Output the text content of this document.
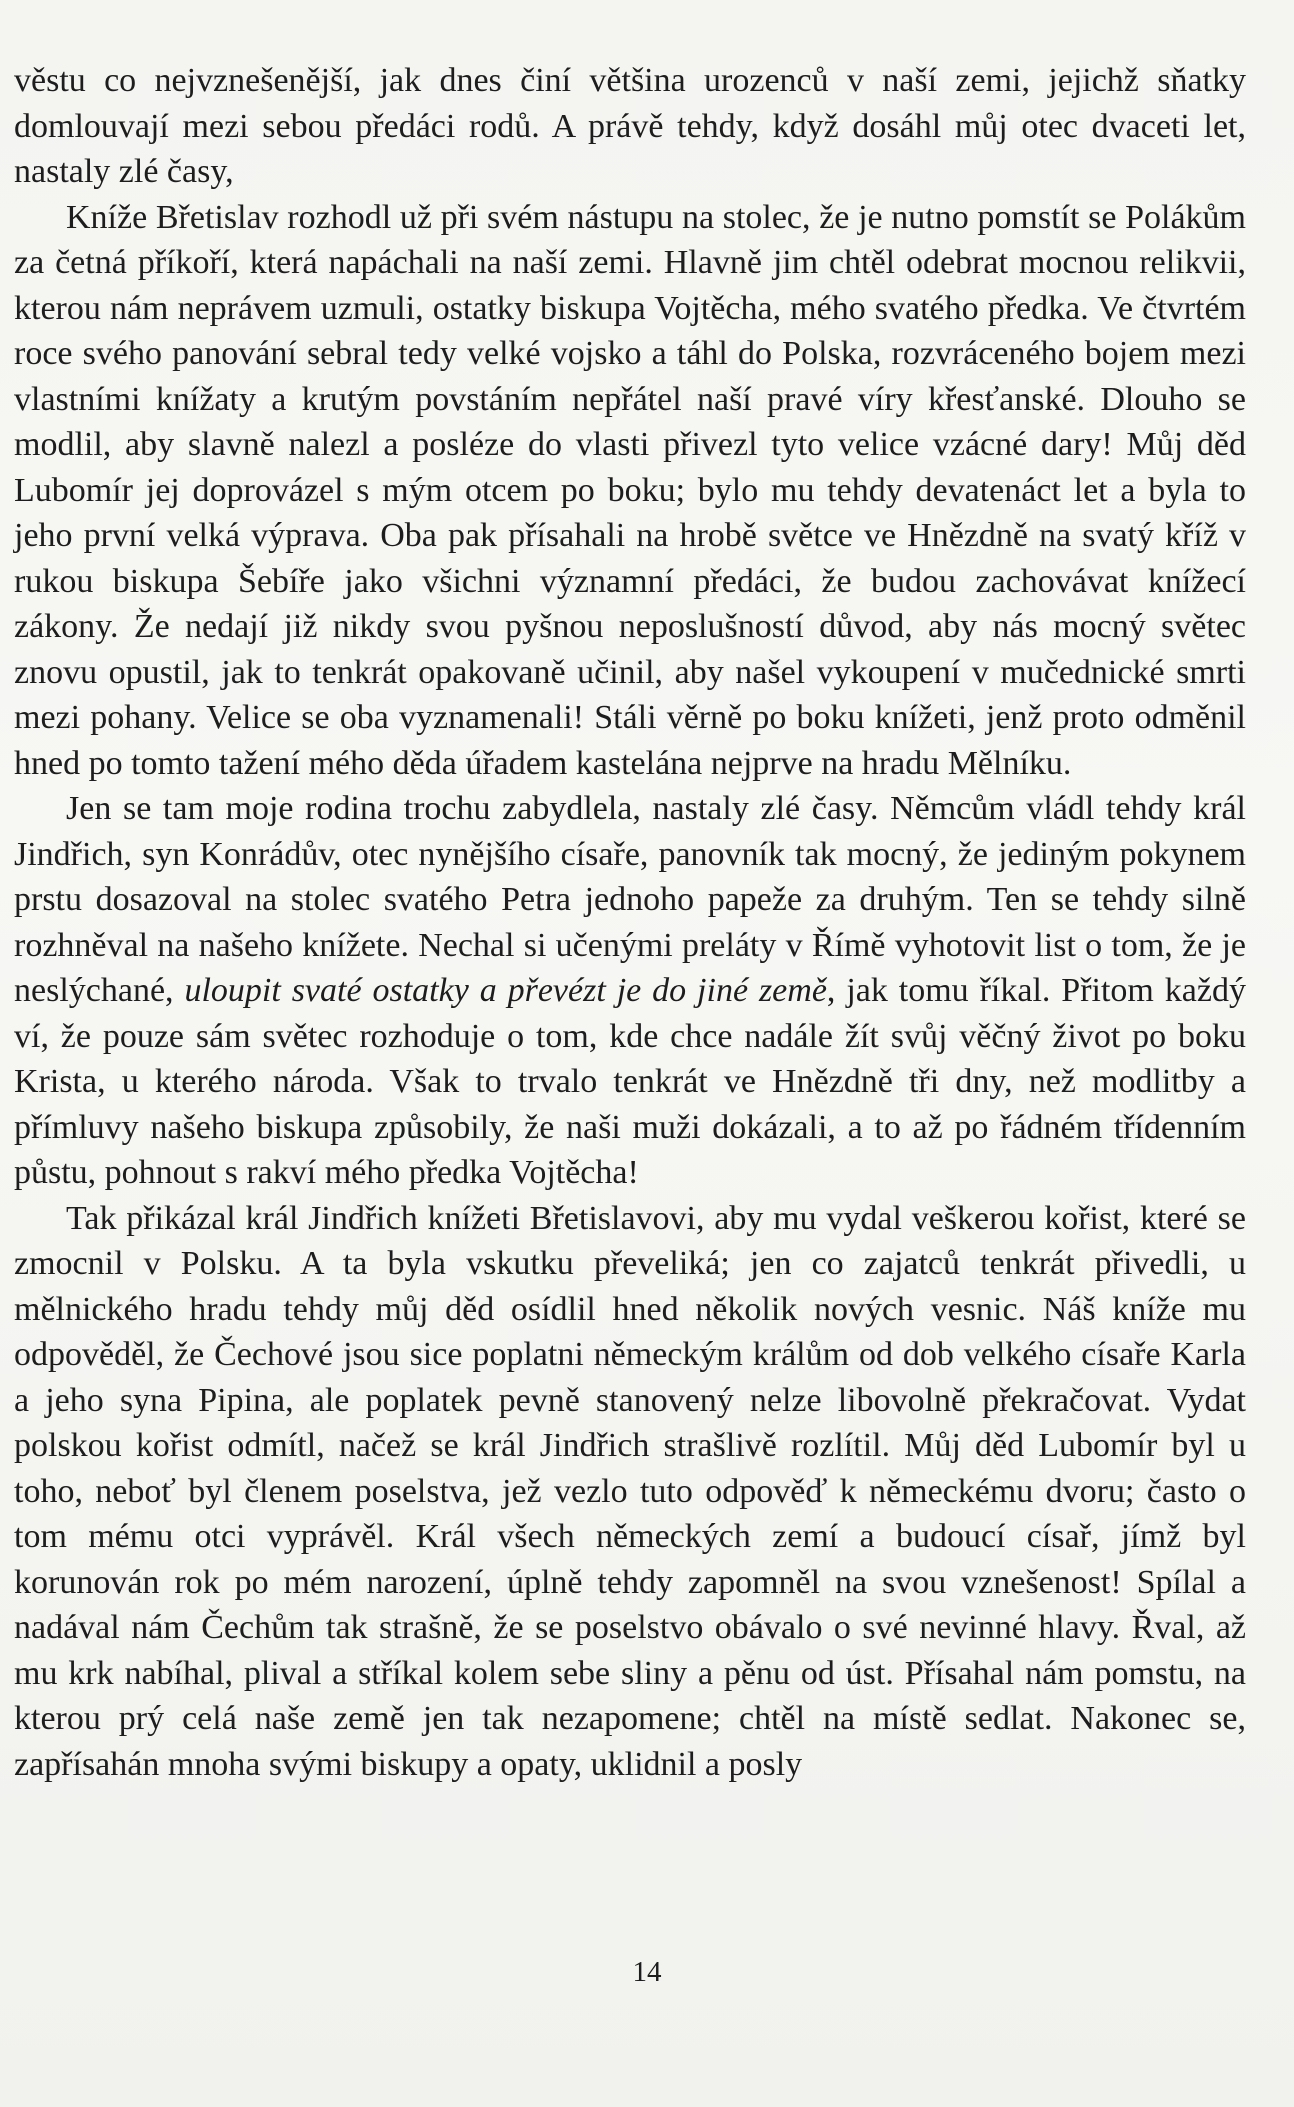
věstu co nejvznešenější, jak dnes činí většina urozenců v naší zemi, jejichž sňatky domlouvají mezi sebou předáci rodů. A právě tehdy, když dosáhl můj otec dvaceti let, nastaly zlé časy,

Kníže Břetislav rozhodl už při svém nástupu na stolec, že je nutno pomstít se Polákům za četná příkoří, která napáchali na naší zemi. Hlavně jim chtěl odebrat mocnou relikvii, kterou nám neprávem uzmuli, ostatky biskupa Vojtěcha, mého svatého předka. Ve čtvrtém roce svého panování sebral tedy velké vojsko a táhl do Polska, rozvráceného bojem mezi vlastními knížaty a krutým povstáním nepřátel naší pravé víry křesťanské. Dlouho se modlil, aby slavně nalezl a posléze do vlasti přivezl tyto velice vzácné dary! Můj děd Lubomír jej doprovázel s mým otcem po boku; bylo mu tehdy devatenáct let a byla to jeho první velká výprava. Oba pak přísahali na hrobě světce ve Hnězdně na svatý kříž v rukou biskupa Šebíře jako všichni významní předáci, že budou zachovávat knížecí zákony. Že nedají již nikdy svou pyšnou neposlušností důvod, aby nás mocný světec znovu opustil, jak to tenkrát opakovaně učinil, aby našel vykoupení v mučednické smrti mezi pohany. Velice se oba vyznamenali! Stáli věrně po boku knížeti, jenž proto odměnil hned po tomto tažení mého děda úřadem kastelána nejprve na hradu Mělníku.

Jen se tam moje rodina trochu zabydlela, nastaly zlé časy. Němcům vládl tehdy král Jindřich, syn Konrádův, otec nynějšího císaře, panovník tak mocný, že jediným pokynem prstu dosazoval na stolec svatého Petra jednoho papeže za druhým. Ten se tehdy silně rozhněval na našeho knížete. Nechal si učenými preláty v Římě vyhotovit list o tom, že je neslýchané, uloupit svaté ostatky a převézt je do jiné země, jak tomu říkal. Přitom každý ví, že pouze sám světec rozhoduje o tom, kde chce nadále žít svůj věčný život po boku Krista, u kterého národa. Však to trvalo tenkrát ve Hnězdně tři dny, než modlitby a přímluvy našeho biskupa způsobily, že naši muži dokázali, a to až po řádném třídenním půstu, pohnout s rakví mého předka Vojtěcha!

Tak přikázal král Jindřich knížeti Břetislavovi, aby mu vydal veškerou kořist, které se zmocnil v Polsku. A ta byla vskutku převeliká; jen co zajatců tenkrát přivedli, u mělnického hradu tehdy můj děd osídlil hned několik nových vesnic. Náš kníže mu odpověděl, že Čechové jsou sice poplatni německým králům od dob velkého císaře Karla a jeho syna Pipina, ale poplatek pevně stanovený nelze libovolně překračovat. Vydat polskou kořist odmítl, načež se král Jindřich strašlivě rozlítil. Můj děd Lubomír byl u toho, neboť byl členem poselstva, jež vezlo tuto odpověď k německému dvoru; často o tom mému otci vyprávěl. Král všech německých zemí a budoucí císař, jímž byl korunován rok po mém narození, úplně tehdy zapomněl na svou vznešenost! Spílal a nadával nám Čechům tak strašně, že se poselstvo obávalo o své nevinné hlavy. Řval, až mu krk nabíhal, plival a stříkal kolem sebe sliny a pěnu od úst. Přísahal nám pomstu, na kterou prý celá naše země jen tak nezapomene; chtěl na místě sedlat. Nakonec se, zapřísahán mnoha svými biskupy a opaty, uklidnil a posly

14
